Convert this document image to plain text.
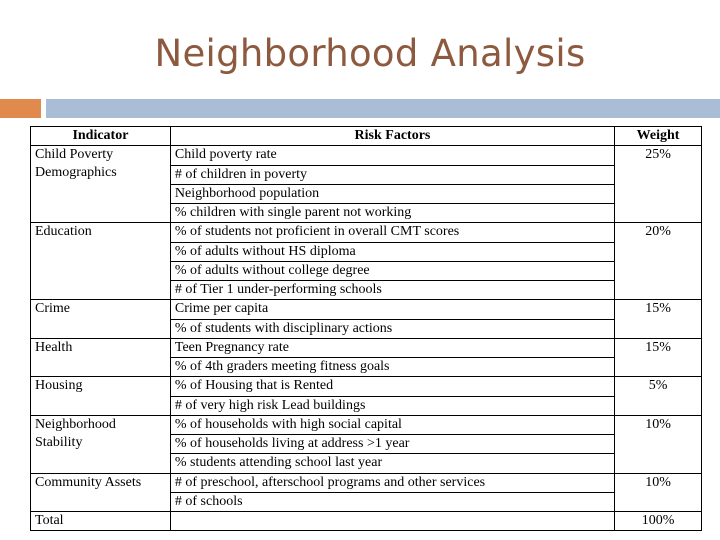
Neighborhood Analysis
Indicator	Risk Factors	Weight
Child Poverty Demographics	Child poverty rate	25%
	# of children in poverty	
	Neighborhood population	
	% children with single parent not working	
Education	% of students not proficient in overall CMT scores	20%
	% of adults without HS diploma	
	% of adults without college degree	
	# of Tier 1 under-performing schools	
Crime	Crime per capita	15%
	% of students with disciplinary actions	
Health	Teen Pregnancy rate	15%
	% of 4th graders meeting fitness goals	
Housing	% of Housing that is Rented	5%
	# of very high risk Lead buildings	
Neighborhood Stability	% of households with high social capital	10%
	% of households living at address >1 year	
	% students attending school last year	
Community Assets	# of preschool, afterschool programs and other services	10%
	# of schools	
Total		100%
